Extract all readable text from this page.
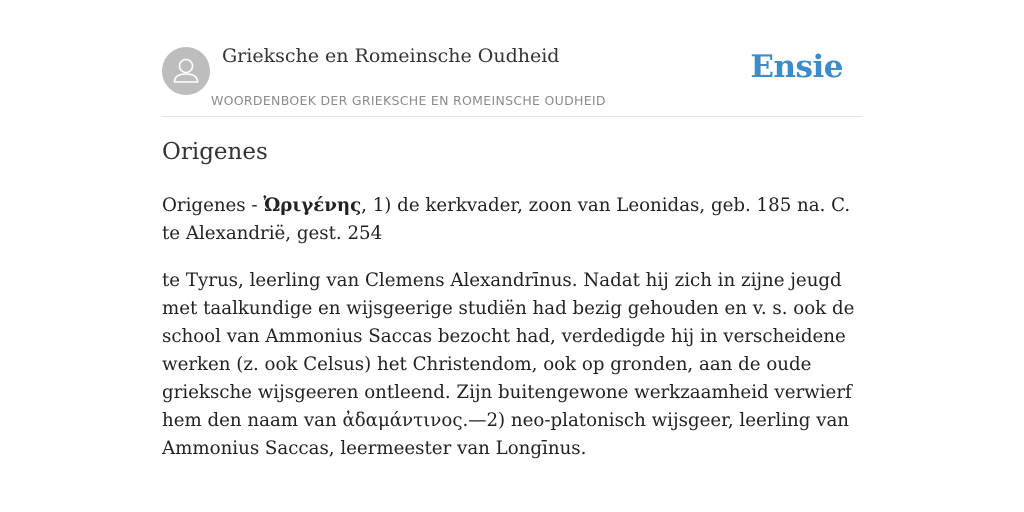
Grieksche en Romeinsche Oudheid
WOORDENBOEK DER GRIEKSCHE EN ROMEINSCHE OUDHEID
Ensie
Origenes

Origenes - Ὠριγένης, 1) de kerkvader, zoon van Leonidas, geb. 185 na. C. te Alexandrië, gest. 254

te Tyrus, leerling van Clemens Alexandrīnus. Nadat hij zich in zijne jeugd met taalkundige en wijsgeerige studiën had bezig gehouden en v. s. ook de school van Ammonius Saccas bezocht had, verdedigde hij in verscheidene werken (z. ook Celsus) het Christendom, ook op gronden, aan de oude grieksche wijsgeeren ontleend. Zijn buitengewone werkzaamheid verwierf hem den naam van ἀδαμάντινος.—2) neo-platonisch wijsgeer, leerling van Ammonius Saccas, leermeester van Longīnus.
